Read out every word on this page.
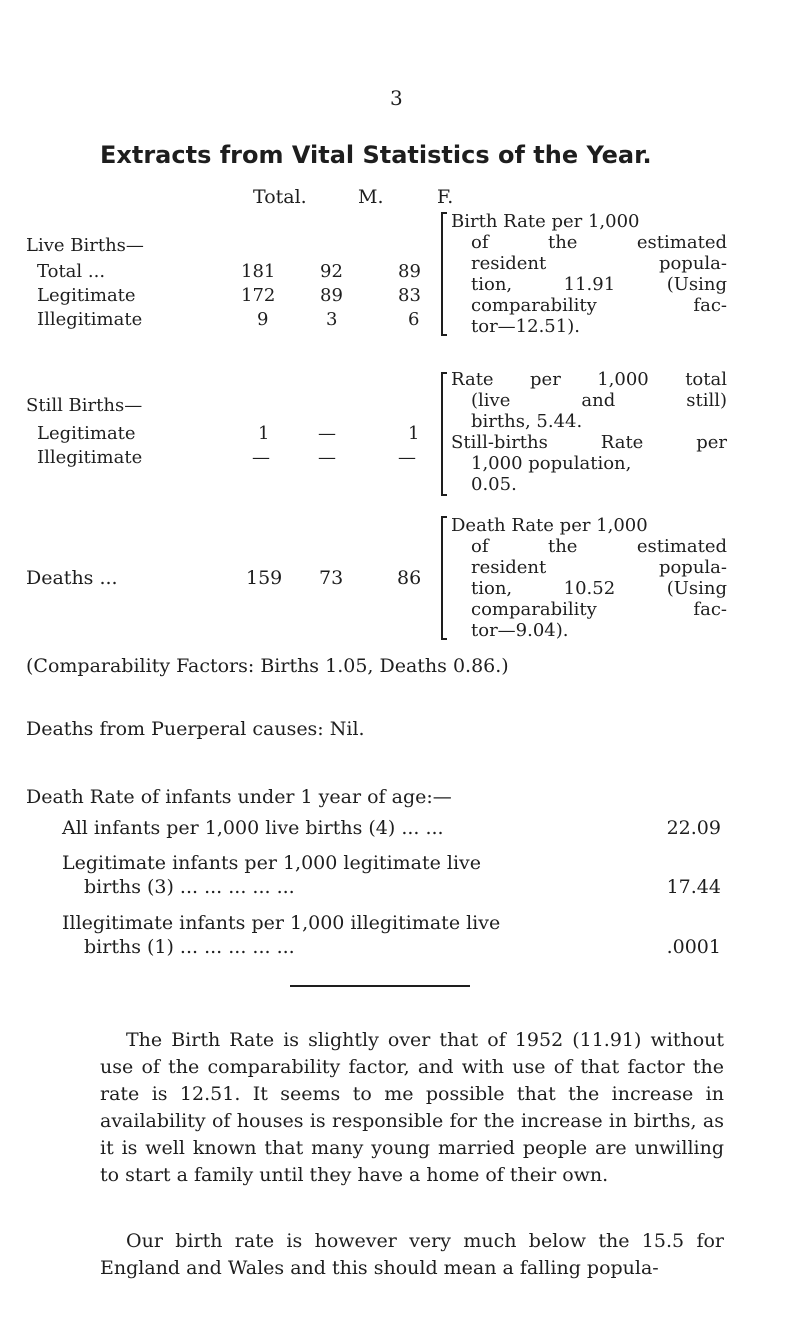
3
Extracts from Vital Statistics of the Year.
Total.	M.	F.
Live Births—
Total ...	181 92	89
Legitimate	172 89	83
Illegitimate	9	3	6
Birth Rate per 1,000
of the estimated
resident popula-
tion, 11.91 (Using
comparability fac-
tor—12.51).
Still Births—
Legitimate	1	—	1
Illegitimate	—	—	—
Rate per 1,000 total
(live and still)
births, 5.44.
Still-births Rate per
1,000 population,
0.05.
Deaths ...	159 73	86
Death Rate per 1,000
of the estimated
resident popula-
tion, 10.52 (Using
comparability fac-
tor—9.04).
(Comparability Factors: Births 1.05, Deaths 0.86.)
Deaths from Puerperal causes: Nil.
Death Rate of infants under 1 year of age:—
All infants per 1,000 live births (4) ... ...	22.09
Legitimate infants per 1,000 legitimate live
births (3) ... ... ... ... ...	17.44
Illegitimate infants per 1,000 illegitimate live
births (1) ... ... ... ... ...	.0001
The Birth Rate is slightly over that of 1952 (11.91) without use of the comparability factor, and with use of that factor the rate is 12.51. It seems to me possible that the increase in availability of houses is responsible for the increase in births, as it is well known that many young married people are unwilling to start a family until they have a home of their own.
Our birth rate is however very much below the 15.5 for England and Wales and this should mean a falling popula-
